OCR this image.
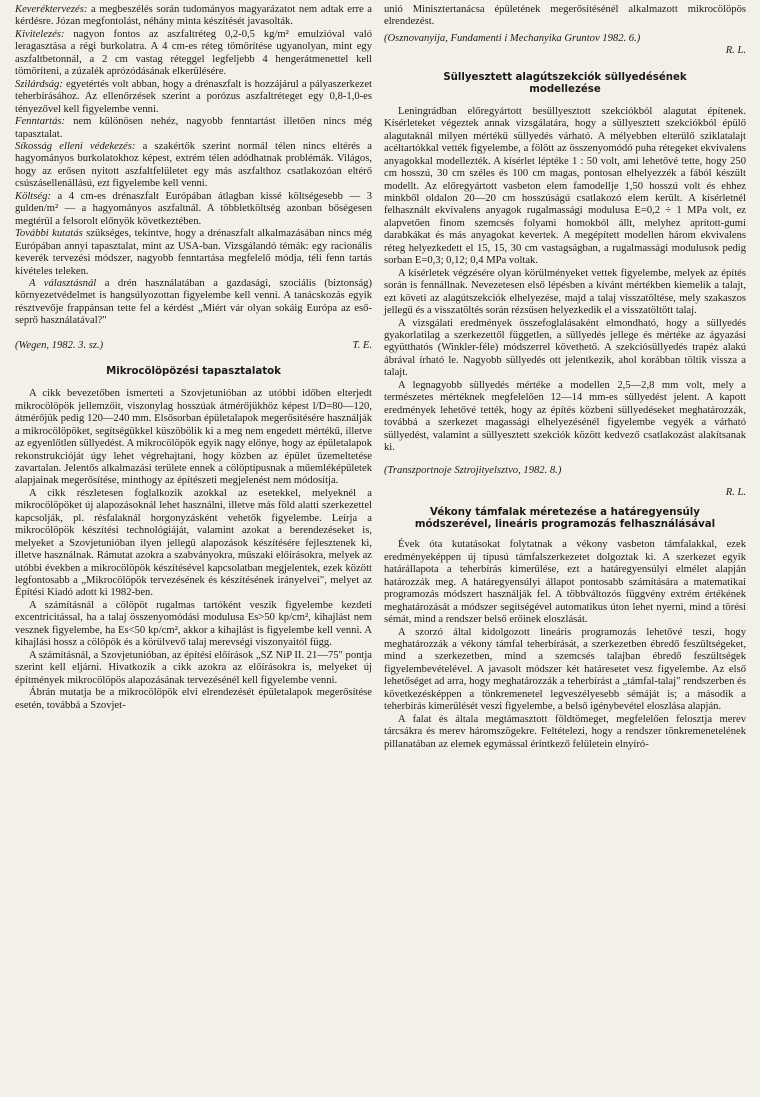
Keveréktervezés: a megbeszélés során tudományos magyarázatot nem adtak erre a kérdésre. Józan megfontolást, néhány minta készítését javasolták.

Kivitelezés: nagyon fontos az aszfaltréteg 0,2-0,5 kg/m² emulzióval való leragasztása a régi burkolatra. A 4 cm-es réteg tömörítése ugyanolyan, mint egy aszfaltbetonnál, a 2 cm vastag réteggel legfeljebb 4 hengerátmenettel kell tömöríteni, a zúzalék aprózódásának elkerülésére.

Szilárdság: egyetértés volt abban, hogy a drénaszfalt is hozzájárul a pályaszerkezet teherbírásához. Az ellenőrzések szerint a porózus aszfaltréteget egy 0,8-1,0-es tényezővel kell figyelembe venni.

Fenntartás: nem különösen nehéz, nagyobb fenntartást illetően nincs még tapasztalat.

Síkosság elleni védekezés: a szakértők szerint normál télen nincs eltérés a hagyományos burkolatokhoz képest, extrém télen adódhatnak problémák. Világos, hogy az erősen nyitott aszfaltfelületet egy más aszfalthoz csatlakozóan eltérő csúszásellenállású, ezt figyelembe kell venni.

Költség: a 4 cm-es drénaszfalt Európában átlagban kissé költségesebb — 3 gulden/m² — a hagyományos aszfaltnál. A többletköltség azonban bőségesen megtérül a felsorolt előnyök következtében.

További kutatás szükséges, tekintve, hogy a drénaszfalt alkalmazásában nincs még Európában annyi tapasztalat, mint az USA-ban. Vizsgálandó témák: egy racionális keverék tervezési módszer, nagyobb fenntartása megfelelő módja, téli fenn tartás kivételes teleken.

A választásnál a drén használatában a gazdasági, szociális (biztonság) környezetvédelmet is hangsúlyozottan figyelembe kell venni. A tanácskozás egyik résztvevője frappánsan tette fel a kérdést „Miért vár olyan sokáig Európa az eső-seprő használatával?"

(Wegen, 1982. 3. sz.)	T. E.
Mikrocölöpözési tapasztalatok

A cikk bevezetőben ismerteti a Szovjetunióban az utóbbi időben elterjedt mikrocölöpök jellemzőit, viszonylag hosszúak átmérőjükhöz képest l/D=80—120, átmérőjük pedig 120—240 mm. Elsősorban épületalapok megerősítésére használják a mikrocölöpöket, segítségükkel küszöbölik ki a meg nem engedett mértékű, illetve az egyenlőtlen süllyedést. A mikrocölöpök egyik nagy előnye, hogy az épületalapok rekonstrukcióját úgy lehet végrehajtani, hogy közben az épület üzemeltetése zavartalan. Jelentős alkalmazási területe ennek a cölöptípusnak a műemléképületek alapjainak megerősítése, minthogy az építészeti megjelenést nem módosítja.

A cikk részletesen foglalkozik azokkal az esetekkel, melyeknél a mikrocölöpöket új alapozásoknál lehet használni, illetve más föld alatti szerkezettel kapcsolják, pl. résfalaknál horgonyzásként vehetők figyelembe. Leírja a mikrocölöpök készítési technológiáját, valamint azokat a berendezéseket is, melyeket a Szovjetunióban ilyen jellegű alapozások készítésére fejlesztenek ki, illetve használnak. Rámutat azokra a szabványokra, műszaki előírásokra, melyek az utóbbi években a mikrocölöpök készítésével kapcsolatban megjelentek, ezek között legfontosabb a „Mikrocölöpök tervezésének és készítésének irányelvei", melyet az Építési Kiadó adott ki 1982-ben.

A számításnál a cölöpöt rugalmas tartóként veszik figyelembe kezdeti excentricitással, ha a talaj összenyomódási modulusa Es>50 kp/cm², kihajlást nem vesznek figyelembe, ha Es<50 kp/cm², akkor a kihajlást is figyelembe kell venni. A kihajlási hossz a cölöpök és a körülvevő talaj merevségi viszonyaitól függ.

A számításnál, a Szovjetunióban, az építési előírások „SZ NiP II. 21—75" pontja szerint kell eljárni. Hivatkozik a cikk azokra az előírásokra is, melyeket új építmények mikrocölöpös alapozásának tervezésénél kell figyelembe venni.

Ábrán mutatja be a mikrocölöpök elvi elrendezését épületalapok megerősítése esetén, továbbá a Szovjet-

unió Minisztertanácsa épületének megerősítésénél alkalmazott mikrocölöpös elrendezést.

(Osznovanyija, Fundamenti i Mechanyika Gruntov 1982. 6.)

R. L.
Süllyesztett alagútszekciók süllyedésének
modellezése

Leningrádban előregyártott besüllyesztott szekciókból alagutat építenek. Kísérleteket végeztek annak vizsgálatára, hogy a süllyesztett szekciókból épülő alagutaknál milyen mértékű süllyedés várható. A mélyebben elterülő sziklatalajt acéltartókkal vették figyelembe, a fölött az összenyomódó puha rétegeket ekvivalens anyagokkal modellezték. A kísérlet léptéke 1 : 50 volt, ami lehetővé tette, hogy 250 cm hosszú, 30 cm széles és 100 cm magas, pontosan elhelyezzék a fából készült modellt. Az előregyártott vasbeton elem famodellje 1,50 hosszú volt és ehhez minkből oldalon 20—20 cm hosszúságú csatlakozó elem került. A kísérletnél felhasznált ekvivalens anyagok rugalmassági modulusa E=0,2 ÷ 1 MPa volt, ez alapvetően finom szemcsés folyami homokból állt, melyhez aprított-gumi darabkákat és más anyagokat kevertek. A megépített modellen három ekvivalens réteg helyezkedett el 15, 15, 30 cm vastagságban, a rugalmassági modulusok pedig sorban E=0,3; 0,12; 0,4 MPa voltak.

A kísérletek végzésére olyan körülményeket vettek figyelembe, melyek az építés során is fennállnak. Nevezetesen első lépésben a kívánt mértékben kiemelik a talajt, ezt követi az alagútszekciók elhelyezése, majd a talaj visszatöltése, mely szakaszos jellegű és a visszatöltés során rézsűsen helyezkedik el a visszatöltött talaj.

A vizsgálati eredmények összefoglalásaként elmondható, hogy a süllyedés gyakorlatilag a szerkezettől független, a süllyedés jellege és mértéke az ágyazási együtthatós (Winkler-féle) módszerrel követhető. A szekciósüllyedés trapéz alakú ábrával írható le. Nagyobb süllyedés ott jelentkezik, ahol korábban töltik vissza a talajt.

A legnagyobb süllyedés mértéke a modellen 2,5—2,8 mm volt, mely a természetes mértéknek megfelelően 12—14 mm-es süllyedést jelent. A kapott eredmények lehetővé tették, hogy az építés közbeni süllyedéseket meghatározzák, továbbá a szerkezet magassági elhelyezésénél figyelembe vegyék a várható süllyedést, valamint a süllyesztett szekciók között kedvező csatlakozást alakítsanak ki.

(Transzportnoje Sztrojityelsztvo, 1982. 8.)

R. L.
Vékony támfalak méretezése a határegyensúly
módszerével, lineáris programozás felhasználásával

Évek óta kutatásokat folytatnak a vékony vasbeton támfalakkal, ezek eredményeképpen új típusú támfalszerkezetet dolgoztak ki. A szerkezet egyik határállapota a teherbírás kimerülése, ezt a határegyensúlyi elmélet alapján határozzák meg. A határegyensúlyi állapot pontosabb számítására a matematikai programozás módszert használják fel. A többváltozós függvény extrém értékének meghatározását a módszer segítségével automatikus úton lehet nyerni, mind a törési sémát, mind a rendszer belső erőinek eloszlását.

A szorzó által kidolgozott lineáris programozás lehetővé teszi, hogy meghatározzák a vékony támfal teherbírását, a szerkezetben ébredő feszültségeket, mind a szerkezetben, mind a szemcsés talajban ébredő feszültségek figyelembevételével. A javasolt módszer két határesetet vesz figyelembe. Az első lehetőséget ad arra, hogy meghatározzák a teherbírást a „támfal-talaj" rendszerben és következésképpen a tönkremenetel legveszélyesebb sémáját is; a második a teherbírás kimerülését veszi figyelembe, a belső igénybevétel eloszlása alapján.

A falat és általa megtámasztott földtömeget, megfelelően felosztja merev tárcsákra és merev háromszögekre. Feltételezi, hogy a rendszer tönkremenetelének pillanatában az elemek egymással érintkező felületein elnyíró-
